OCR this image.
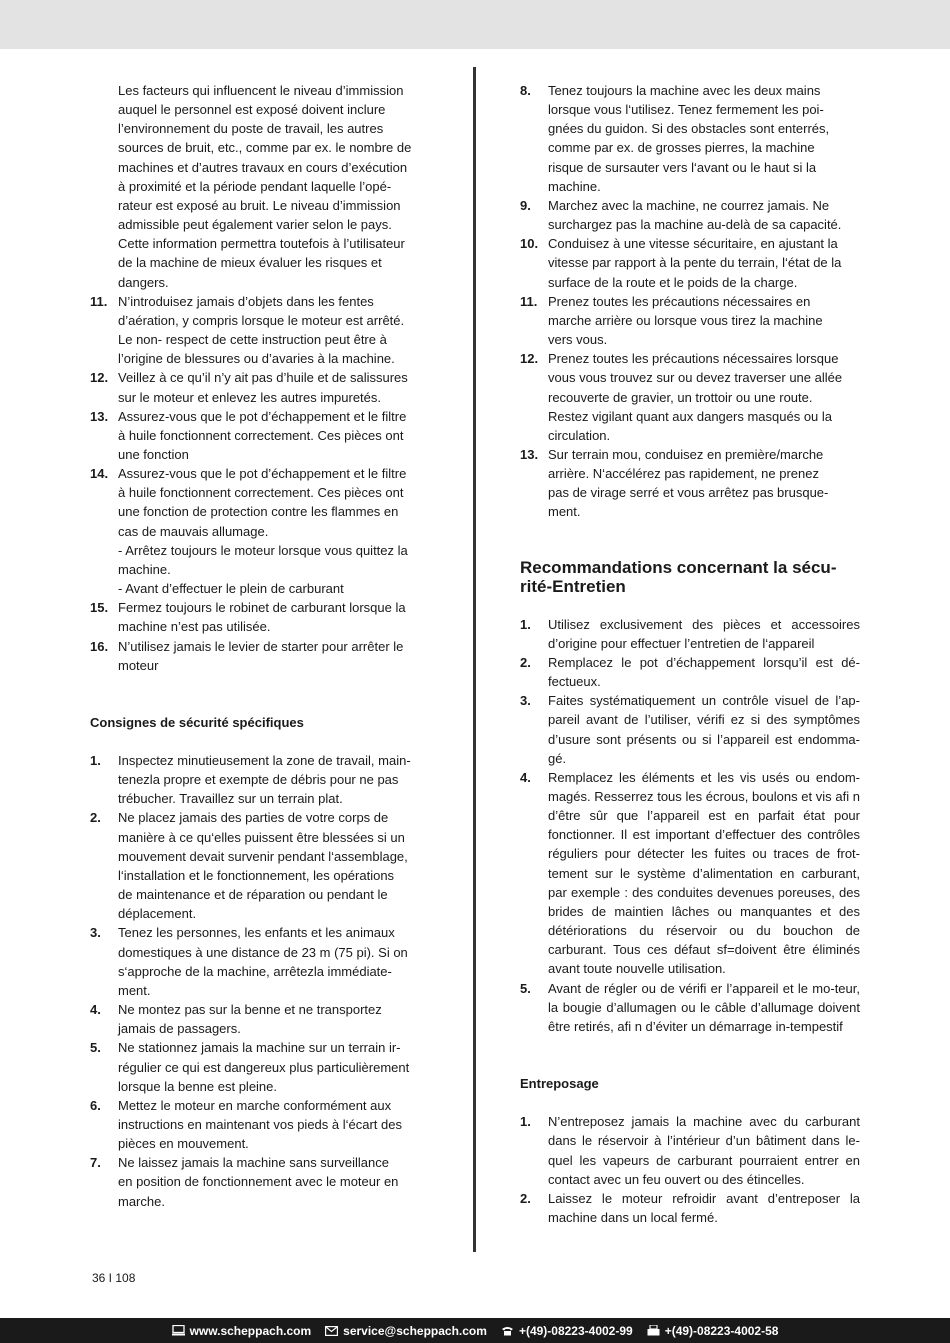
Les facteurs qui influencent le niveau d’immission
auquel le personnel est exposé doivent inclure
l’environnement du poste de travail, les autres
sources de bruit, etc., comme par ex. le nombre de
machines et d’autres travaux en cours d’exécution
à proximité et la période pendant laquelle l’opé-
rateur est exposé au bruit. Le niveau d’immission
admissible peut également varier selon le pays.
Cette information permettra toutefois à l’utilisateur
de la machine de mieux évaluer les risques et
dangers.
11. N’introduisez jamais d’objets dans les fentes
d’aération, y compris lorsque le moteur est arrêté.
Le non- respect de cette instruction peut être à
l’origine de blessures ou d’avaries à la machine.
12. Veillez à ce qu’il n’y ait pas d’huile et de salissures
sur le moteur et enlevez les autres impuretés.
13. Assurez-vous que le pot d’échappement et le filtre
à huile fonctionnent correctement. Ces pièces ont
une fonction
14. Assurez-vous que le pot d’échappement et le filtre
à huile fonctionnent correctement. Ces pièces ont
une fonction de protection contre les flammes en
cas de mauvais allumage.
- Arrêtez toujours le moteur lorsque vous quittez la
machine.
- Avant d’effectuer le plein de carburant
15. Fermez toujours le robinet de carburant lorsque la
machine n’est pas utilisée.
16. N’utilisez jamais le levier de starter pour arrêter le
moteur
Consignes de sécurité spécifiques
1.	Inspectez minutieusement la zone de travail, main-
tenezla propre et exempte de débris pour ne pas
trébucher. Travaillez sur un terrain plat.
2.	Ne placez jamais des parties de votre corps de
manière à ce qu‘elles puissent être blessées si un
mouvement devait survenir pendant l‘assemblage,
l‘installation et le fonctionnement, les opérations
de maintenance et de réparation ou pendant le
déplacement.
3.	Tenez les personnes, les enfants et les animaux
domestiques à une distance de 23 m (75 pi). Si on
s‘approche de la machine, arrêtezla immédiate-
ment.
4.	Ne montez pas sur la benne et ne transportez
jamais de passagers.
5.	Ne stationnez jamais la machine sur un terrain ir-
régulier ce qui est dangereux plus particulièrement
lorsque la benne est pleine.
6.	Mettez le moteur en marche conformément aux
instructions en maintenant vos pieds à l‘écart des
pièces en mouvement.
7.	Ne laissez jamais la machine sans surveillance
en position de fonctionnement avec le moteur en
marche.
8.	Tenez toujours la machine avec les deux mains
lorsque vous l‘utilisez. Tenez fermement les poi-
gnées du guidon. Si des obstacles sont enterrés,
comme par ex. de grosses pierres, la machine
risque de sursauter vers l‘avant ou le haut si la
machine.
9.	Marchez avec la machine, ne courrez jamais. Ne
surchargez pas la machine au-delà de sa capacité.
10. Conduisez à une vitesse sécuritaire, en ajustant la
vitesse par rapport à la pente du terrain, l‘état de la
surface de la route et le poids de la charge.
11. Prenez toutes les précautions nécessaires en
marche arrière ou lorsque vous tirez la machine
vers vous.
12. Prenez toutes les précautions nécessaires lorsque
vous vous trouvez sur ou devez traverser une allée
recouverte de gravier, un trottoir ou une route.
Restez vigilant quant aux dangers masqués ou la
circulation.
13. Sur terrain mou, conduisez en première/marche
arrière. N‘accélérez pas rapidement, ne prenez
pas de virage serré et vous arrêtez pas brusque-
ment.
Recommandations concernant la sécu-
rité-Entretien
1.	Utilisez exclusivement des pièces et accessoires d’origine pour effectuer l’entretien de l‘appareil
2.	Remplacez le pot d’échappement lorsqu’il est dé-fectueux.
3.	Faites systématiquement un contrôle visuel de l’ap-pareil avant de l’utiliser, vérifi ez si des symptômes d’usure sont présents ou si l’appareil est endomma-gé.
4.	Remplacez les éléments et les vis usés ou endom-magés. Resserrez tous les écrous, boulons et vis afi n d’être sûr que l’appareil est en parfait état pour fonctionner. Il est important d’effectuer des contrôles réguliers pour détecter les fuites ou traces de frot-tement sur le système d’alimentation en carburant, par exemple : des conduites devenues poreuses, des brides de maintien lâches ou manquantes et des détériorations du réservoir ou du bouchon de carburant. Tous ces défaut sf=doivent être éliminés avant toute nouvelle utilisation.
5.	Avant de régler ou de vérifi er l’appareil et le mo-teur, la bougie d’allumagen ou le câble d’allumage doivent être retirés, afi n d’éviter un démarrage in-tempestif
Entreposage
1.	N’entreposez jamais la machine avec du carburant dans le réservoir à l’intérieur d’un bâtiment dans le-quel les vapeurs de carburant pourraient entrer en contact avec un feu ouvert ou des étincelles.
2.	Laissez le moteur refroidir avant d’entreposer la machine dans un local fermé.
36 I 108
www.scheppach.com	service@scheppach.com	+(49)-08223-4002-99	+(49)-08223-4002-58
